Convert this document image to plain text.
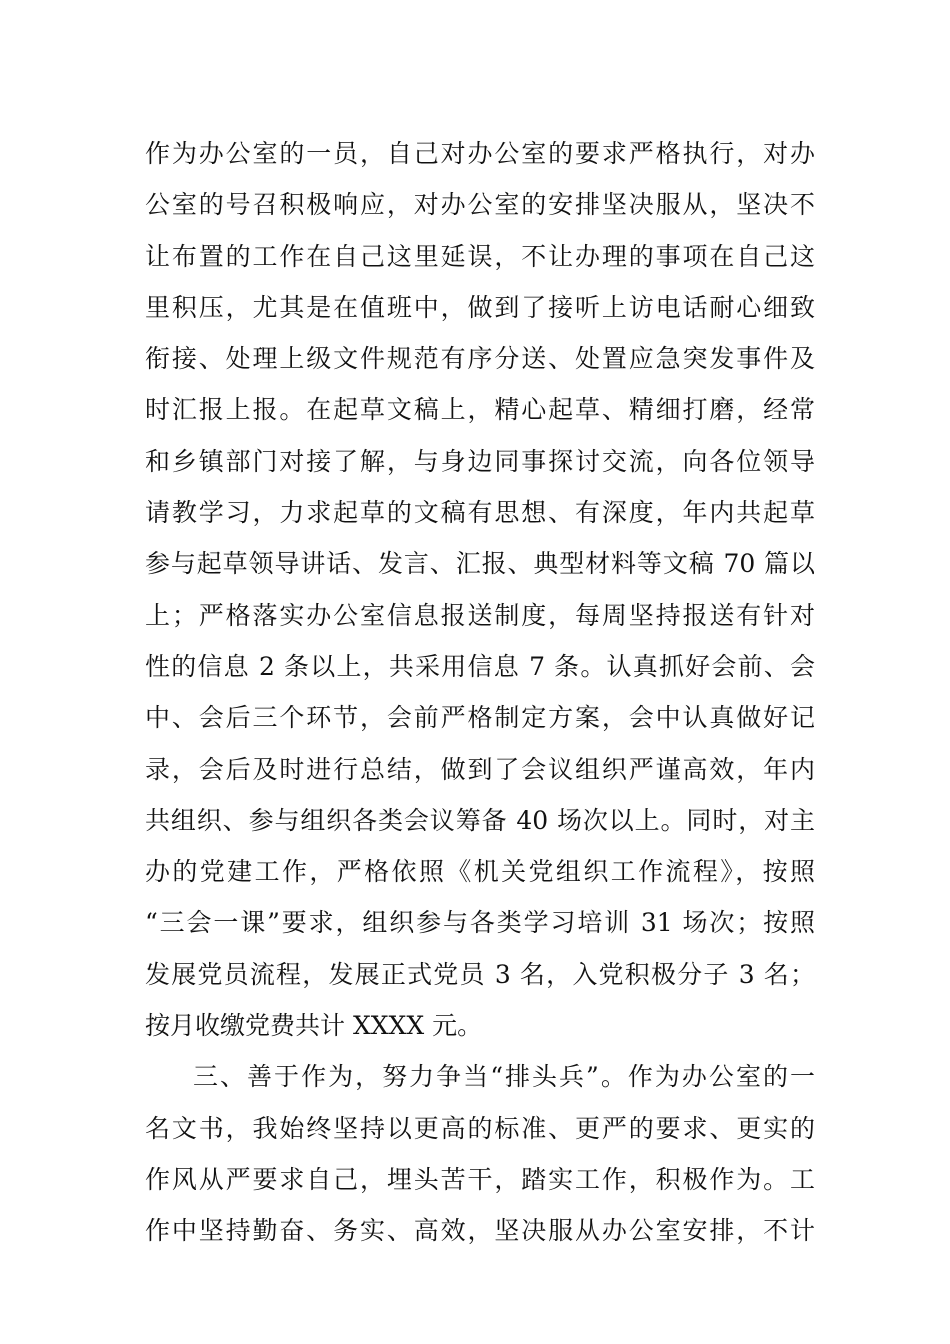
作为办公室的一员，自己对办公室的要求严格执行，对办
公室的号召积极响应，对办公室的安排坚决服从，坚决不
让布置的工作在自己这里延误，不让办理的事项在自己这
里积压，尤其是在值班中，做到了接听上访电话耐心细致
衔接、处理上级文件规范有序分送、处置应急突发事件及
时汇报上报。在起草文稿上，精心起草、精细打磨，经常
和乡镇部门对接了解，与身边同事探讨交流，向各位领导
请教学习，力求起草的文稿有思想、有深度，年内共起草
参与起草领导讲话、发言、汇报、典型材料等文稿 70 篇以
上；严格落实办公室信息报送制度，每周坚持报送有针对
性的信息 2 条以上，共采用信息 7 条。认真抓好会前、会
中、会后三个环节，会前严格制定方案，会中认真做好记
录，会后及时进行总结，做到了会议组织严谨高效，年内
共组织、参与组织各类会议筹备 40 场次以上。同时，对主
办的党建工作，严格依照《机关党组织工作流程》，按照
“三会一课”要求，组织参与各类学习培训 31 场次；按照
发展党员流程，发展正式党员 3 名，入党积极分子 3 名；
按月收缴党费共计 XXXX 元。
三、善于作为，努力争当“排头兵”。作为办公室的一
名文书，我始终坚持以更高的标准、更严的要求、更实的
作风从严要求自己，埋头苦干，踏实工作，积极作为。工
作中坚持勤奋、务实、高效，坚决服从办公室安排，不计
